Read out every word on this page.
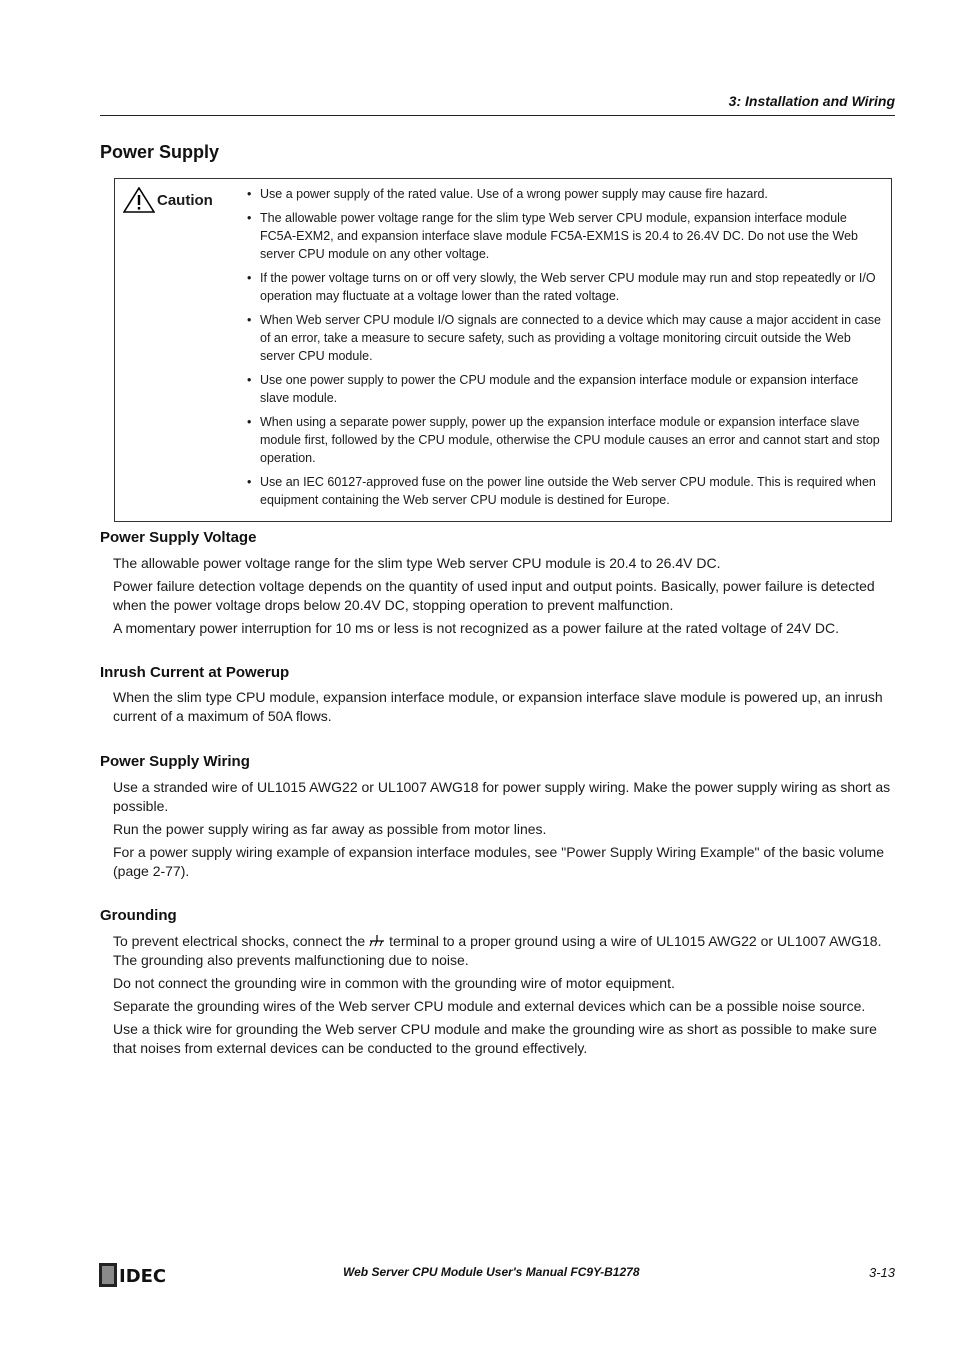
3: Installation and Wiring
Power Supply
Caution	• Use a power supply of the rated value. Use of a wrong power supply may cause fire hazard.
• The allowable power voltage range for the slim type Web server CPU module, expansion interface module FC5A-EXM2, and expansion interface slave module FC5A-EXM1S is 20.4 to 26.4V DC. Do not use the Web server CPU module on any other voltage.
• If the power voltage turns on or off very slowly, the Web server CPU module may run and stop repeatedly or I/O operation may fluctuate at a voltage lower than the rated voltage.
• When Web server CPU module I/O signals are connected to a device which may cause a major accident in case of an error, take a measure to secure safety, such as providing a voltage monitoring circuit outside the Web server CPU module.
• Use one power supply to power the CPU module and the expansion interface module or expansion interface slave module.
• When using a separate power supply, power up the expansion interface module or expansion interface slave module first, followed by the CPU module, otherwise the CPU module causes an error and cannot start and stop operation.
• Use an IEC 60127-approved fuse on the power line outside the Web server CPU module. This is required when equipment containing the Web server CPU module is destined for Europe.
Power Supply Voltage

The allowable power voltage range for the slim type Web server CPU module is 20.4 to 26.4V DC.

Power failure detection voltage depends on the quantity of used input and output points. Basically, power failure is detected when the power voltage drops below 20.4V DC, stopping operation to prevent malfunction.

A momentary power interruption for 10 ms or less is not recognized as a power failure at the rated voltage of 24V DC.

Inrush Current at Powerup

When the slim type CPU module, expansion interface module, or expansion interface slave module is powered up, an inrush current of a maximum of 50A flows.

Power Supply Wiring

Use a stranded wire of UL1015 AWG22 or UL1007 AWG18 for power supply wiring. Make the power supply wiring as short as possible.

Run the power supply wiring as far away as possible from motor lines.

For a power supply wiring example of expansion interface modules, see "Power Supply Wiring Example" of the basic volume (page 2-77).

Grounding

To prevent electrical shocks, connect the terminal to a proper ground using a wire of UL1015 AWG22 or UL1007 AWG18. The grounding also prevents malfunctioning due to noise.

Do not connect the grounding wire in common with the grounding wire of motor equipment.

Separate the grounding wires of the Web server CPU module and external devices which can be a possible noise source.

Use a thick wire for grounding the Web server CPU module and make the grounding wire as short as possible to make sure that noises from external devices can be conducted to the ground effectively.

IDEC	Web Server CPU Module User's Manual FC9Y-B1278	3-13
